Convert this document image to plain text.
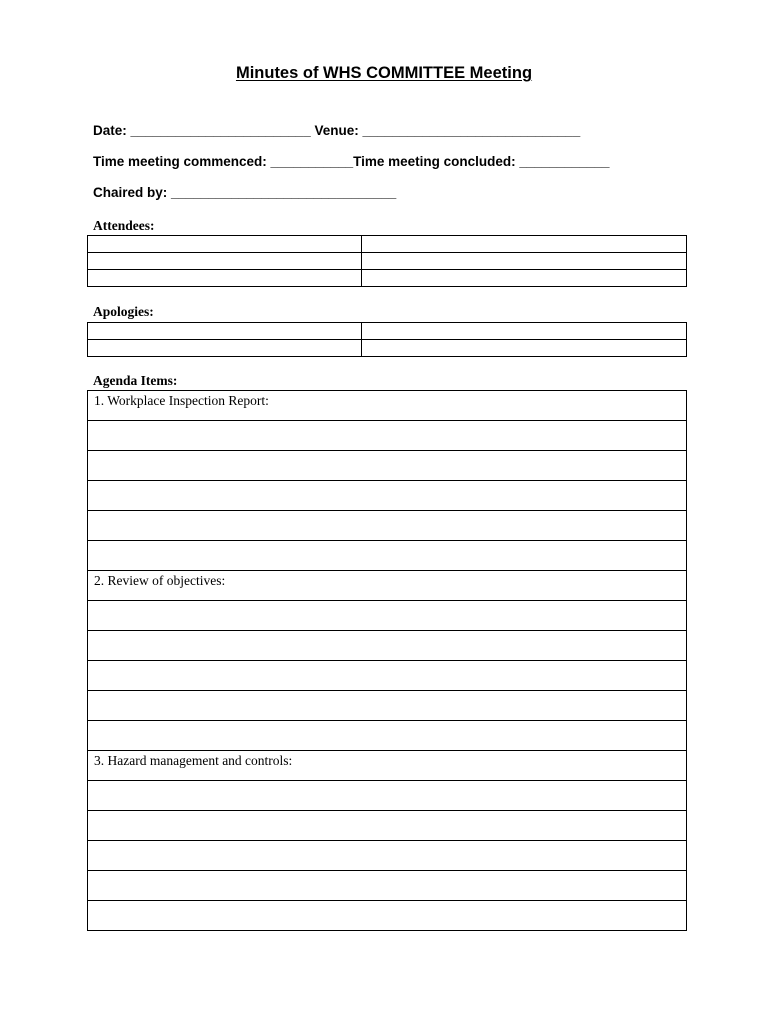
Minutes of WHS COMMITTEE Meeting
Date: ________________________ Venue: _____________________________
Time meeting commenced: ___________Time meeting concluded: ____________
Chaired by: ______________________________
Attendees:

Apologies:

Agenda Items:
1. Workplace Inspection Report:

2. Review of objectives:

3. Hazard management and controls:
